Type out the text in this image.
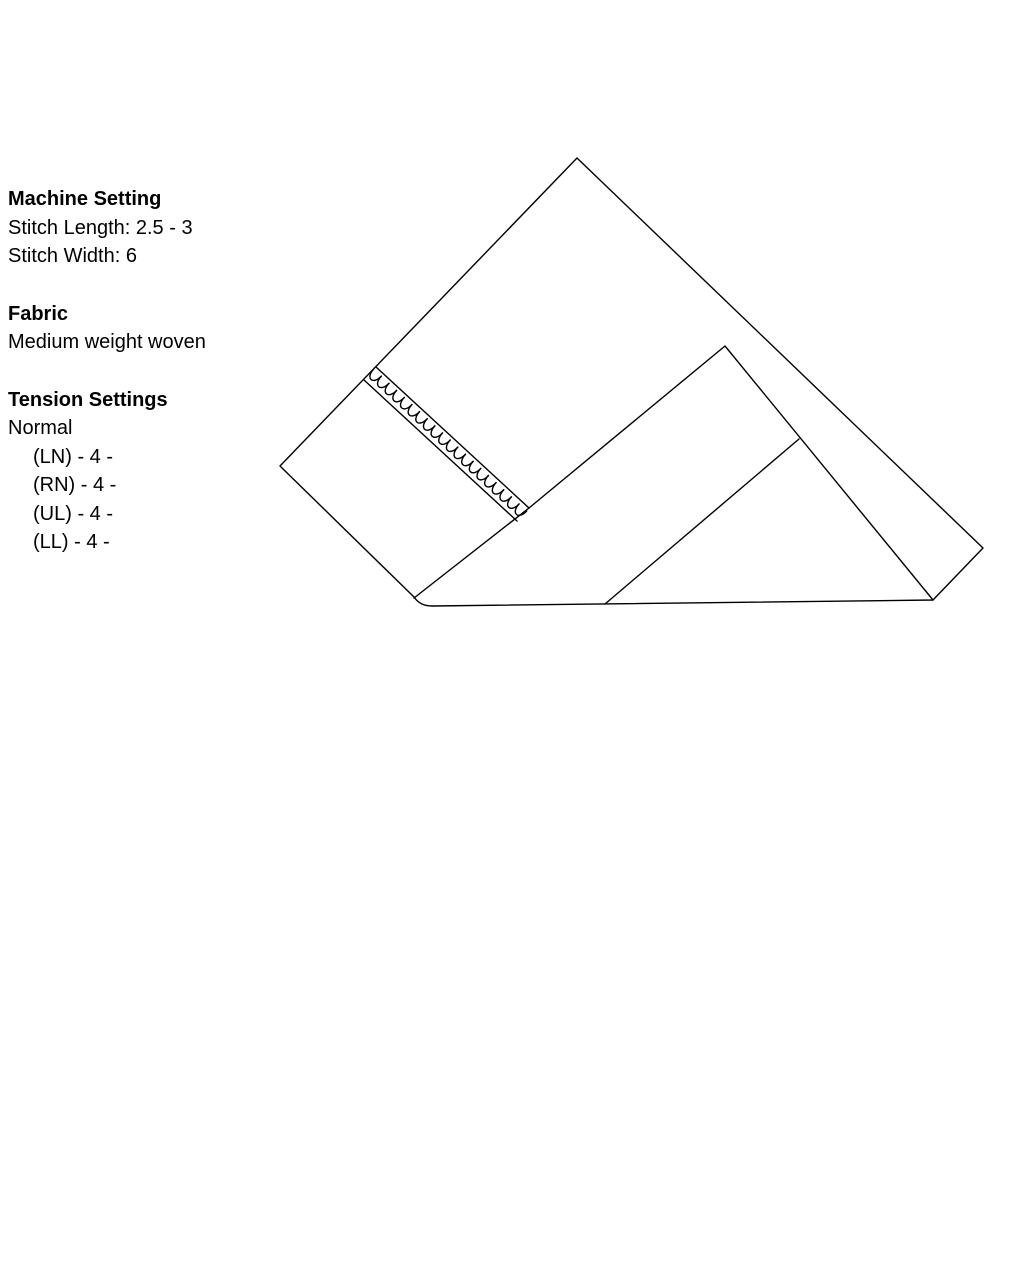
Machine Setting

Stitch Length: 2.5 - 3

Stitch Width: 6

Fabric

Medium weight woven

Tension Settings

Normal

(LN) - 4 -

(RN) - 4 -

(UL) - 4 -

(LL) - 4 -
